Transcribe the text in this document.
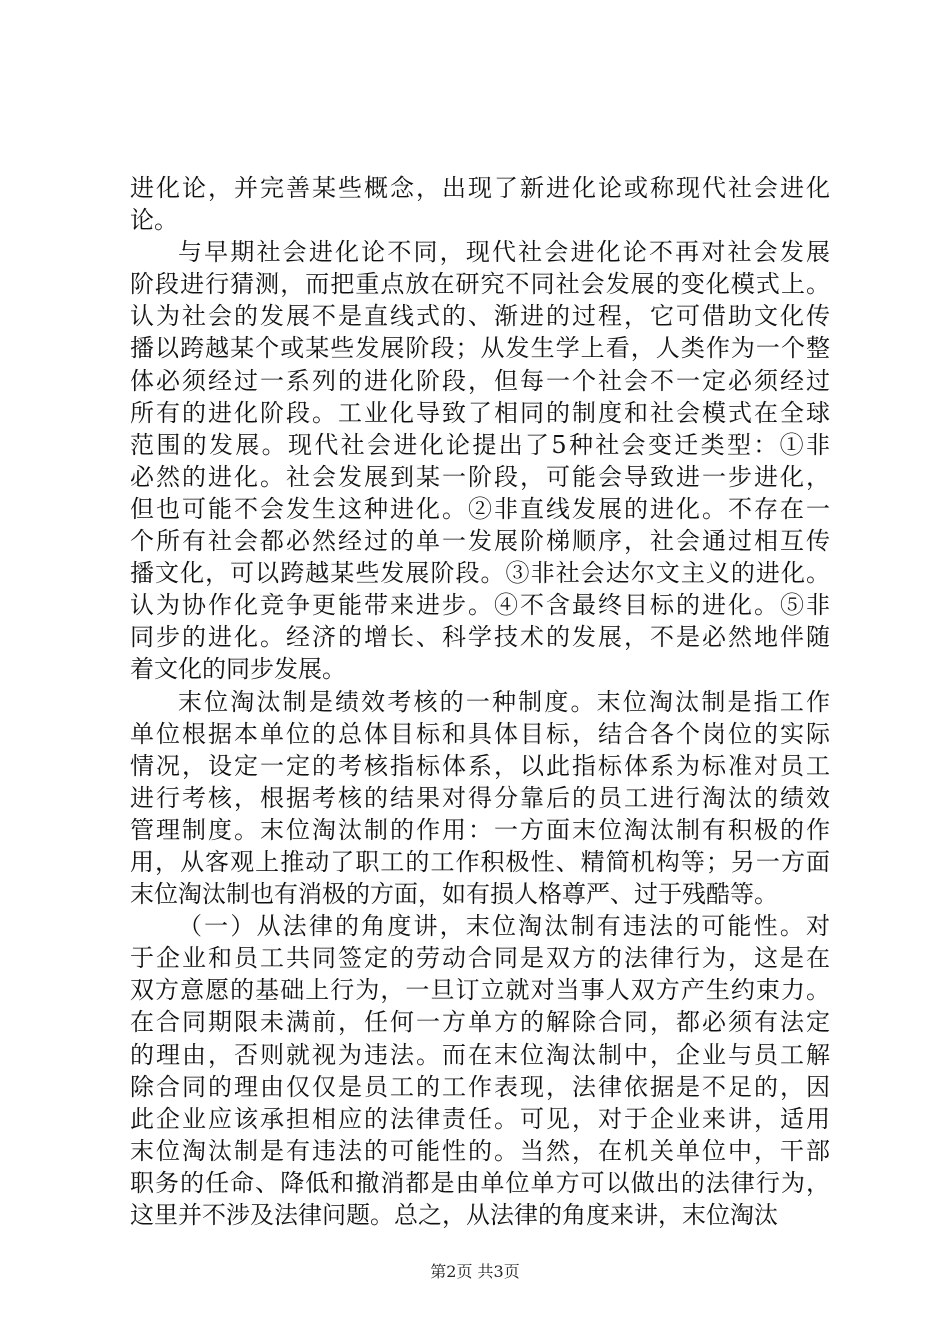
进化论，并完善某些概念，出现了新进化论或称现代社会进化
论。
与早期社会进化论不同，现代社会进化论不再对社会发展
阶段进行猜测，而把重点放在研究不同社会发展的变化模式上。
认为社会的发展不是直线式的、渐进的过程，它可借助文化传
播以跨越某个或某些发展阶段；从发生学上看，人类作为一个整
体必须经过一系列的进化阶段，但每一个社会不一定必须经过
所有的进化阶段。工业化导致了相同的制度和社会模式在全球
范围的发展。现代社会进化论提出了5种社会变迁类型：①非
必然的进化。社会发展到某一阶段，可能会导致进一步进化，
但也可能不会发生这种进化。②非直线发展的进化。不存在一
个所有社会都必然经过的单一发展阶梯顺序，社会通过相互传
播文化，可以跨越某些发展阶段。③非社会达尔文主义的进化。
认为协作化竞争更能带来进步。④不含最终目标的进化。⑤非
同步的进化。经济的增长、科学技术的发展，不是必然地伴随
着文化的同步发展。
末位淘汰制是绩效考核的一种制度。末位淘汰制是指工作
单位根据本单位的总体目标和具体目标，结合各个岗位的实际
情况，设定一定的考核指标体系，以此指标体系为标准对员工
进行考核，根据考核的结果对得分靠后的员工进行淘汰的绩效
管理制度。末位淘汰制的作用：一方面末位淘汰制有积极的作
用，从客观上推动了职工的工作积极性、精简机构等；另一方面
末位淘汰制也有消极的方面，如有损人格尊严、过于残酷等。
（一）从法律的角度讲，末位淘汰制有违法的可能性。对
于企业和员工共同签定的劳动合同是双方的法律行为，这是在
双方意愿的基础上行为，一旦订立就对当事人双方产生约束力。
在合同期限未满前，任何一方单方的解除合同，都必须有法定
的理由，否则就视为违法。而在末位淘汰制中，企业与员工解
除合同的理由仅仅是员工的工作表现，法律依据是不足的，因
此企业应该承担相应的法律责任。可见，对于企业来讲，适用
末位淘汰制是有违法的可能性的。当然，在机关单位中，干部
职务的任命、降低和撤消都是由单位单方可以做出的法律行为，
这里并不涉及法律问题。总之，从法律的角度来讲，末位淘汰
第2页 共3页
